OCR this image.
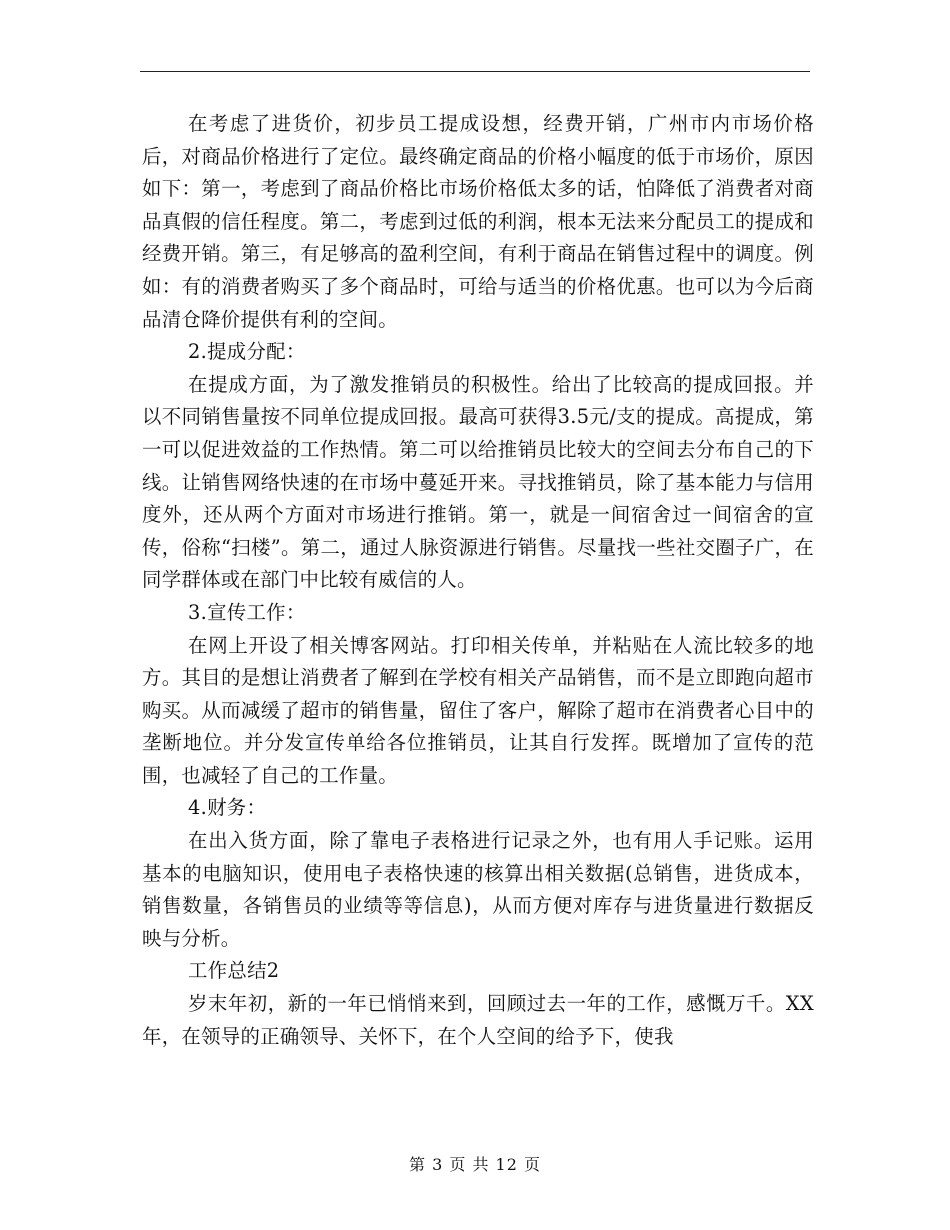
在考虑了进货价，初步员工提成设想，经费开销，广州市内市场价格后，对商品价格进行了定位。最终确定商品的价格小幅度的低于市场价，原因如下：第一，考虑到了商品价格比市场价格低太多的话，怕降低了消费者对商品真假的信任程度。第二，考虑到过低的利润，根本无法来分配员工的提成和经费开销。第三，有足够高的盈利空间，有利于商品在销售过程中的调度。例如：有的消费者购买了多个商品时，可给与适当的价格优惠。也可以为今后商品清仓降价提供有利的空间。

2.提成分配：

在提成方面，为了激发推销员的积极性。给出了比较高的提成回报。并以不同销售量按不同单位提成回报。最高可获得3.5元/支的提成。高提成，第一可以促进效益的工作热情。第二可以给推销员比较大的空间去分布自己的下线。让销售网络快速的在市场中蔓延开来。寻找推销员，除了基本能力与信用度外，还从两个方面对市场进行推销。第一，就是一间宿舍过一间宿舍的宣传，俗称“扫楼”。第二，通过人脉资源进行销售。尽量找一些社交圈子广，在同学群体或在部门中比较有威信的人。

3.宣传工作：

在网上开设了相关博客网站。打印相关传单，并粘贴在人流比较多的地方。其目的是想让消费者了解到在学校有相关产品销售，而不是立即跑向超市购买。从而减缓了超市的销售量，留住了客户，解除了超市在消费者心目中的垄断地位。并分发宣传单给各位推销员，让其自行发挥。既增加了宣传的范围，也减轻了自己的工作量。

4.财务：

在出入货方面，除了靠电子表格进行记录之外，也有用人手记账。运用基本的电脑知识，使用电子表格快速的核算出相关数据(总销售，进货成本，销售数量，各销售员的业绩等等信息)，从而方便对库存与进货量进行数据反映与分析。

工作总结2

岁末年初，新的一年已悄悄来到，回顾过去一年的工作，感慨万千。XX年，在领导的正确领导、关怀下，在个人空间的给予下，使我

第 3 页 共 12 页
